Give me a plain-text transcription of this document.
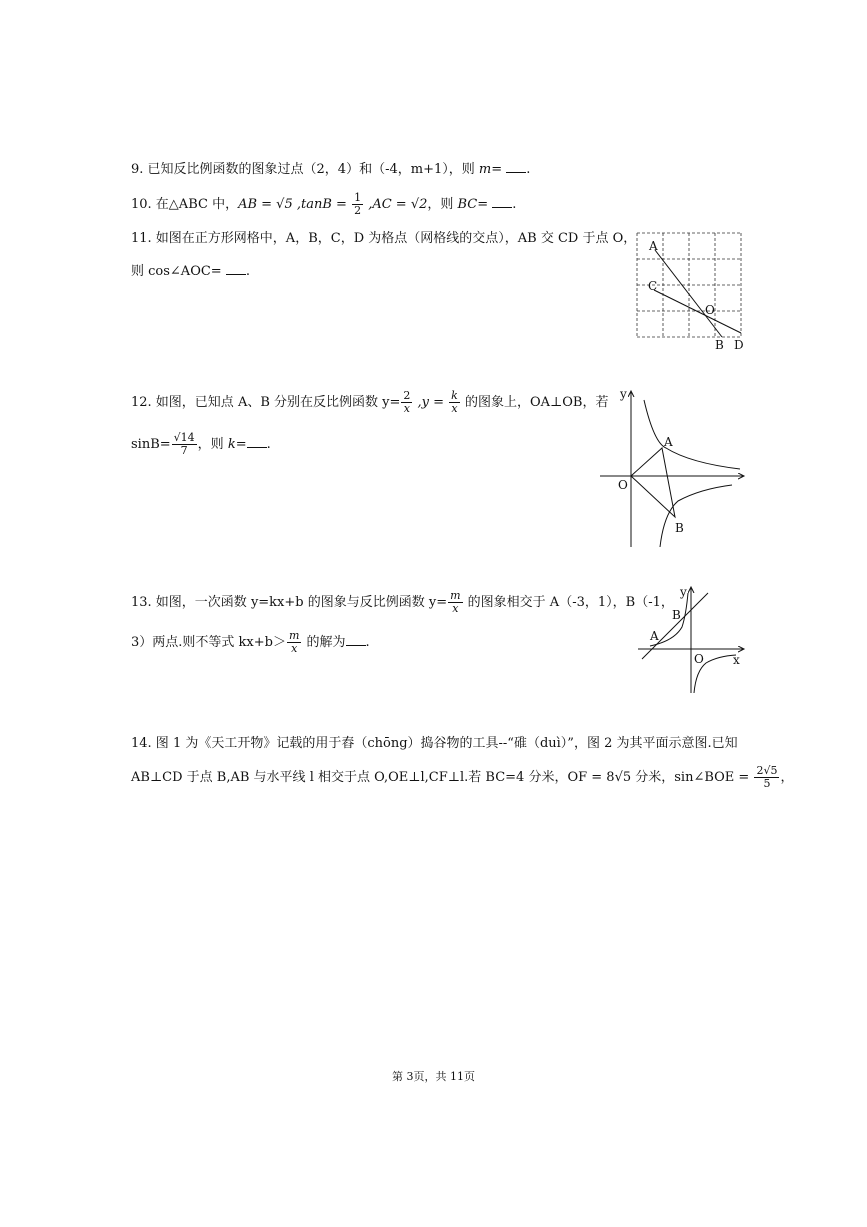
9. 已知反比例函数的图象过点（2，4）和（-4，m+1），则 m= .
10. 在△ABC 中，AB = √5 $,\tan B = \frac{1}{2} ,AC = √2$，则 BC= .
11. 如图在正方形网格中，A，B，C，D 为格点（网格线的交点），AB 交 CD 于点 O，
则 cos∠AOC= .
A
C
O
B D
12. 如图，已知点 A、B 分别在反比例函数 $y= \frac{2}{x} ,y = \frac{k}{x}$ 的图象上，OA⊥OB，若
$\sin B= \frac{√14}{7}$ ，则 k= .
y
A
O
B
13. 如图，一次函数 y=kx+b 的图象与反比例函数 $y= \frac{m}{x}$ 的图象相交于 A（-3，1），B（-1，
3）两点.则不等式 $kx+b> \frac{m}{x}$ 的解为 .
y
B
A
O x
14. 图 1 为《天工开物》记载的用于舂（chōng）捣谷物的工具--“碓（duì）”，图 2 为其平面示意图.已知
AB⊥CD 于点 B,AB 与水平线 l 相交于点 O,OE⊥l,CF⊥l.若 BC=4 分米，OF = 8√5 分米，sin∠BOE = $\frac{2√5}{5}$ ，
第 3页，共 11页
